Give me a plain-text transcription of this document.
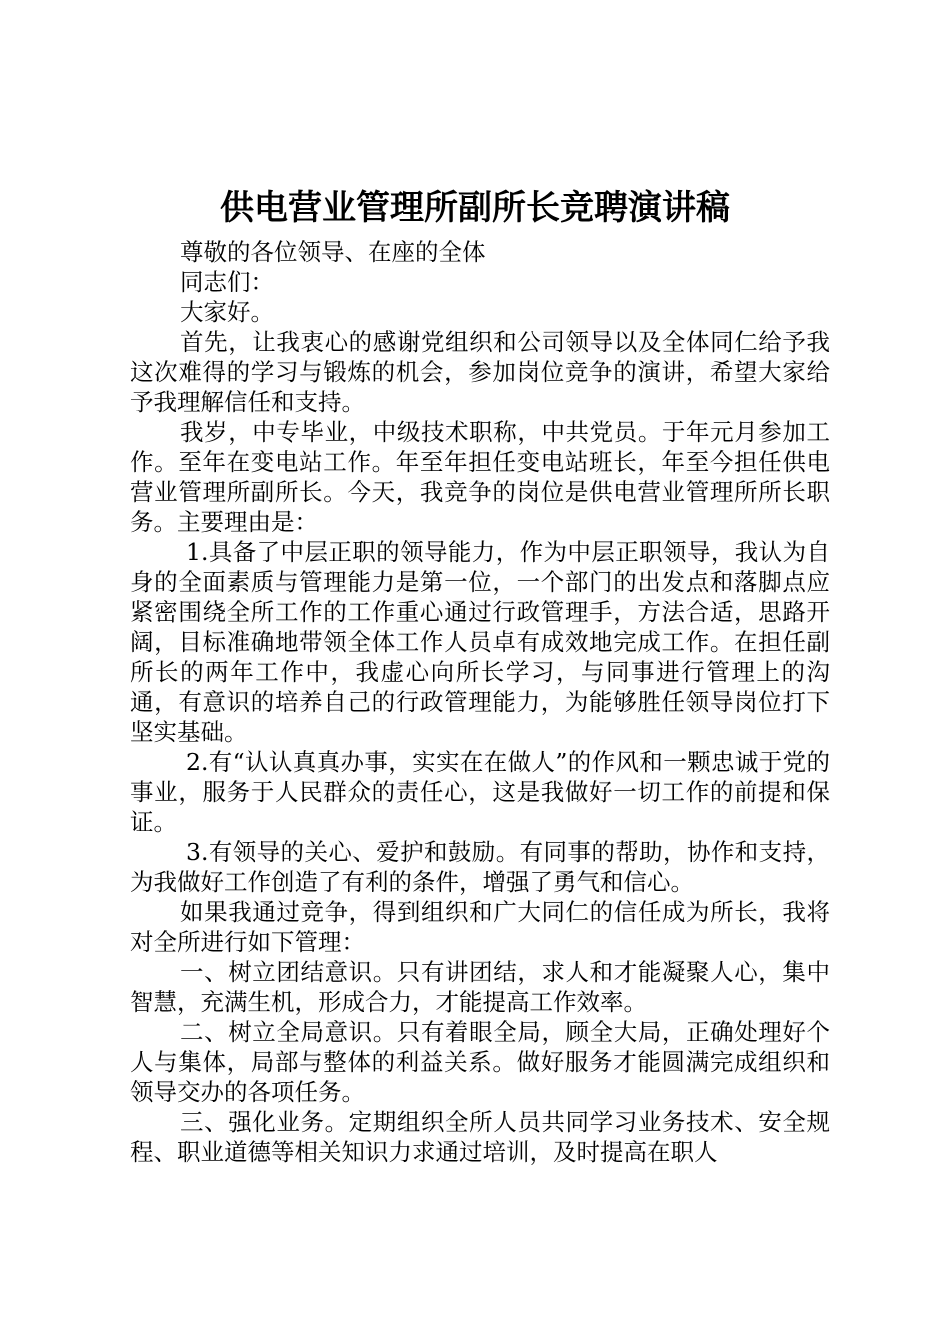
供电营业管理所副所长竞聘演讲稿

尊敬的各位领导、在座的全体

同志们：

大家好。

首先，让我衷心的感谢党组织和公司领导以及全体同仁给予我这次难得的学习与锻炼的机会，参加岗位竞争的演讲，希望大家给予我理解信任和支持。

我岁，中专毕业，中级技术职称，中共党员。于年元月参加工作。至年在变电站工作。年至年担任变电站班长，年至今担任供电营业管理所副所长。今天，我竞争的岗位是供电营业管理所所长职务。主要理由是：

1.具备了中层正职的领导能力，作为中层正职领导，我认为自身的全面素质与管理能力是第一位，一个部门的出发点和落脚点应紧密围绕全所工作的工作重心通过行政管理手，方法合适，思路开阔，目标准确地带领全体工作人员卓有成效地完成工作。在担任副所长的两年工作中，我虚心向所长学习，与同事进行管理上的沟通，有意识的培养自己的行政管理能力，为能够胜任领导岗位打下坚实基础。

2.有“认认真真办事，实实在在做人”的作风和一颗忠诚于党的事业，服务于人民群众的责任心，这是我做好一切工作的前提和保证。

3.有领导的关心、爱护和鼓励。有同事的帮助，协作和支持，为我做好工作创造了有利的条件，增强了勇气和信心。

如果我通过竞争，得到组织和广大同仁的信任成为所长，我将对全所进行如下管理：

一、树立团结意识。只有讲团结，求人和才能凝聚人心，集中智慧，充满生机，形成合力，才能提高工作效率。

二、树立全局意识。只有着眼全局，顾全大局，正确处理好个人与集体，局部与整体的利益关系。做好服务才能圆满完成组织和领导交办的各项任务。

三、强化业务。定期组织全所人员共同学习业务技术、安全规程、职业道德等相关知识力求通过培训，及时提高在职人
